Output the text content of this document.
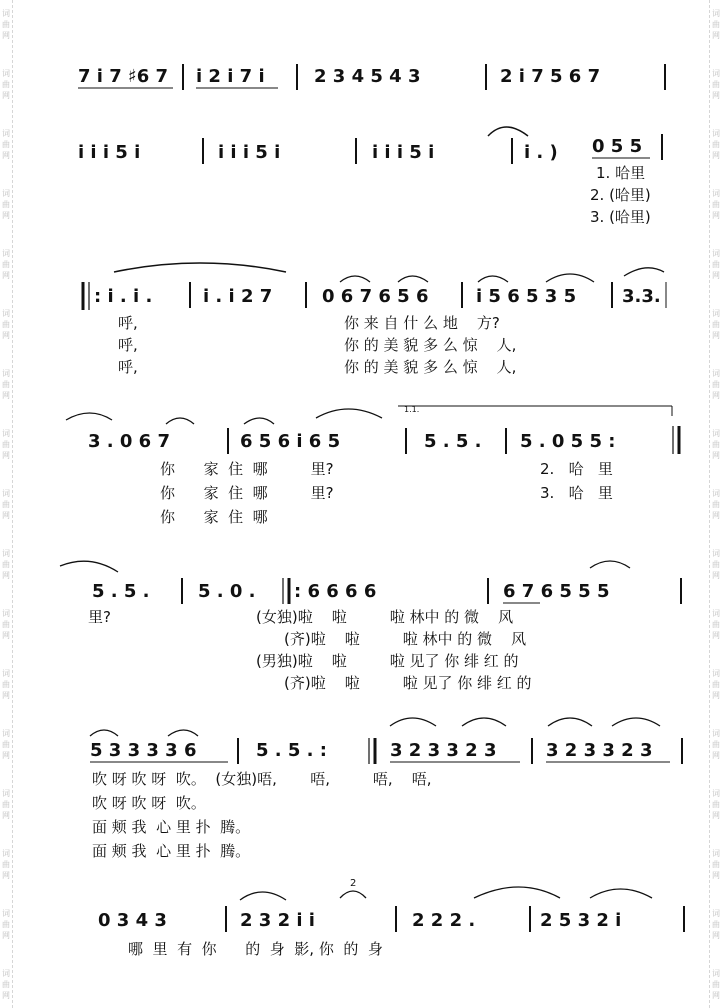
7 i 7 ♯6 7 i 2 i 7 i	2 3 4 5 4 3	2 i 7 5 6 7
i i i 5 i	i i i 5 i	i i i 5 i	i . ) 0 5 5
: i . i .	i . i 2 7	0 6 7 6 5 6	i 5 6 5 3 5	3.3.
3 . 0 6 7	6 5 6 i 6 5	5 . 5 . 5 . 0 5 5 :
1.1.
5 . 5 .	5 . 0 . : 6 6 6 6	6 7 6 5 5 5
5 3 3 3 3 6	5 . 5 . :	3 2 3 3 2 3	3 2 3 3 2 3
0 3 4 3	2 3 2 i i	2 2 2 .	2 5 3 2 i
2
1. 哈里
2. (哈里)
3. (哈里)
呼,
呼,
呼,
你 来 自 什 么 地    方?
你 的 美 貌 多 么 惊    人,
你 的 美 貌 多 么 惊    人,
你      家  住  哪         里?
你      家  住  哪         里?
你      家  住  哪
2.   哈   里
3.   哈   里
里?	(女独)啦    啦         啦 林中 的 微    风
(齐)啦    啦         啦 林中 的 微    风
(男独)啦    啦         啦 见了 你 绯 红 的
(齐)啦    啦         啦 见了 你 绯 红 的
吹 呀 吹 呀  吹。  (女独)唔,       唔,         唔,    唔,
吹 呀 吹 呀  吹。
面 颊 我  心 里 扑  腾。
面 颊 我  心 里 扑  腾。
哪  里  有  你      的  身  影, 你  的  身
词
曲
网
词
曲
网
词
曲
网
词
曲
网
词
曲
网
词
曲
网
词
曲
网
词
曲
网
词
曲
网
词
曲
网
词
曲
网
词
曲
网
词
曲
网
词
曲
网
词
曲
网
词
曲
网
词
曲
网
词
曲
网
词
曲
网
词
曲
网
词
曲
网
词
曲
网
词
曲
网
词
曲
网
词
曲
网
词
曲
网
词
曲
网
词
曲
网
词
曲
网
词
曲
网
词
曲
网
词
曲
网
词
曲
网
词
曲
网
